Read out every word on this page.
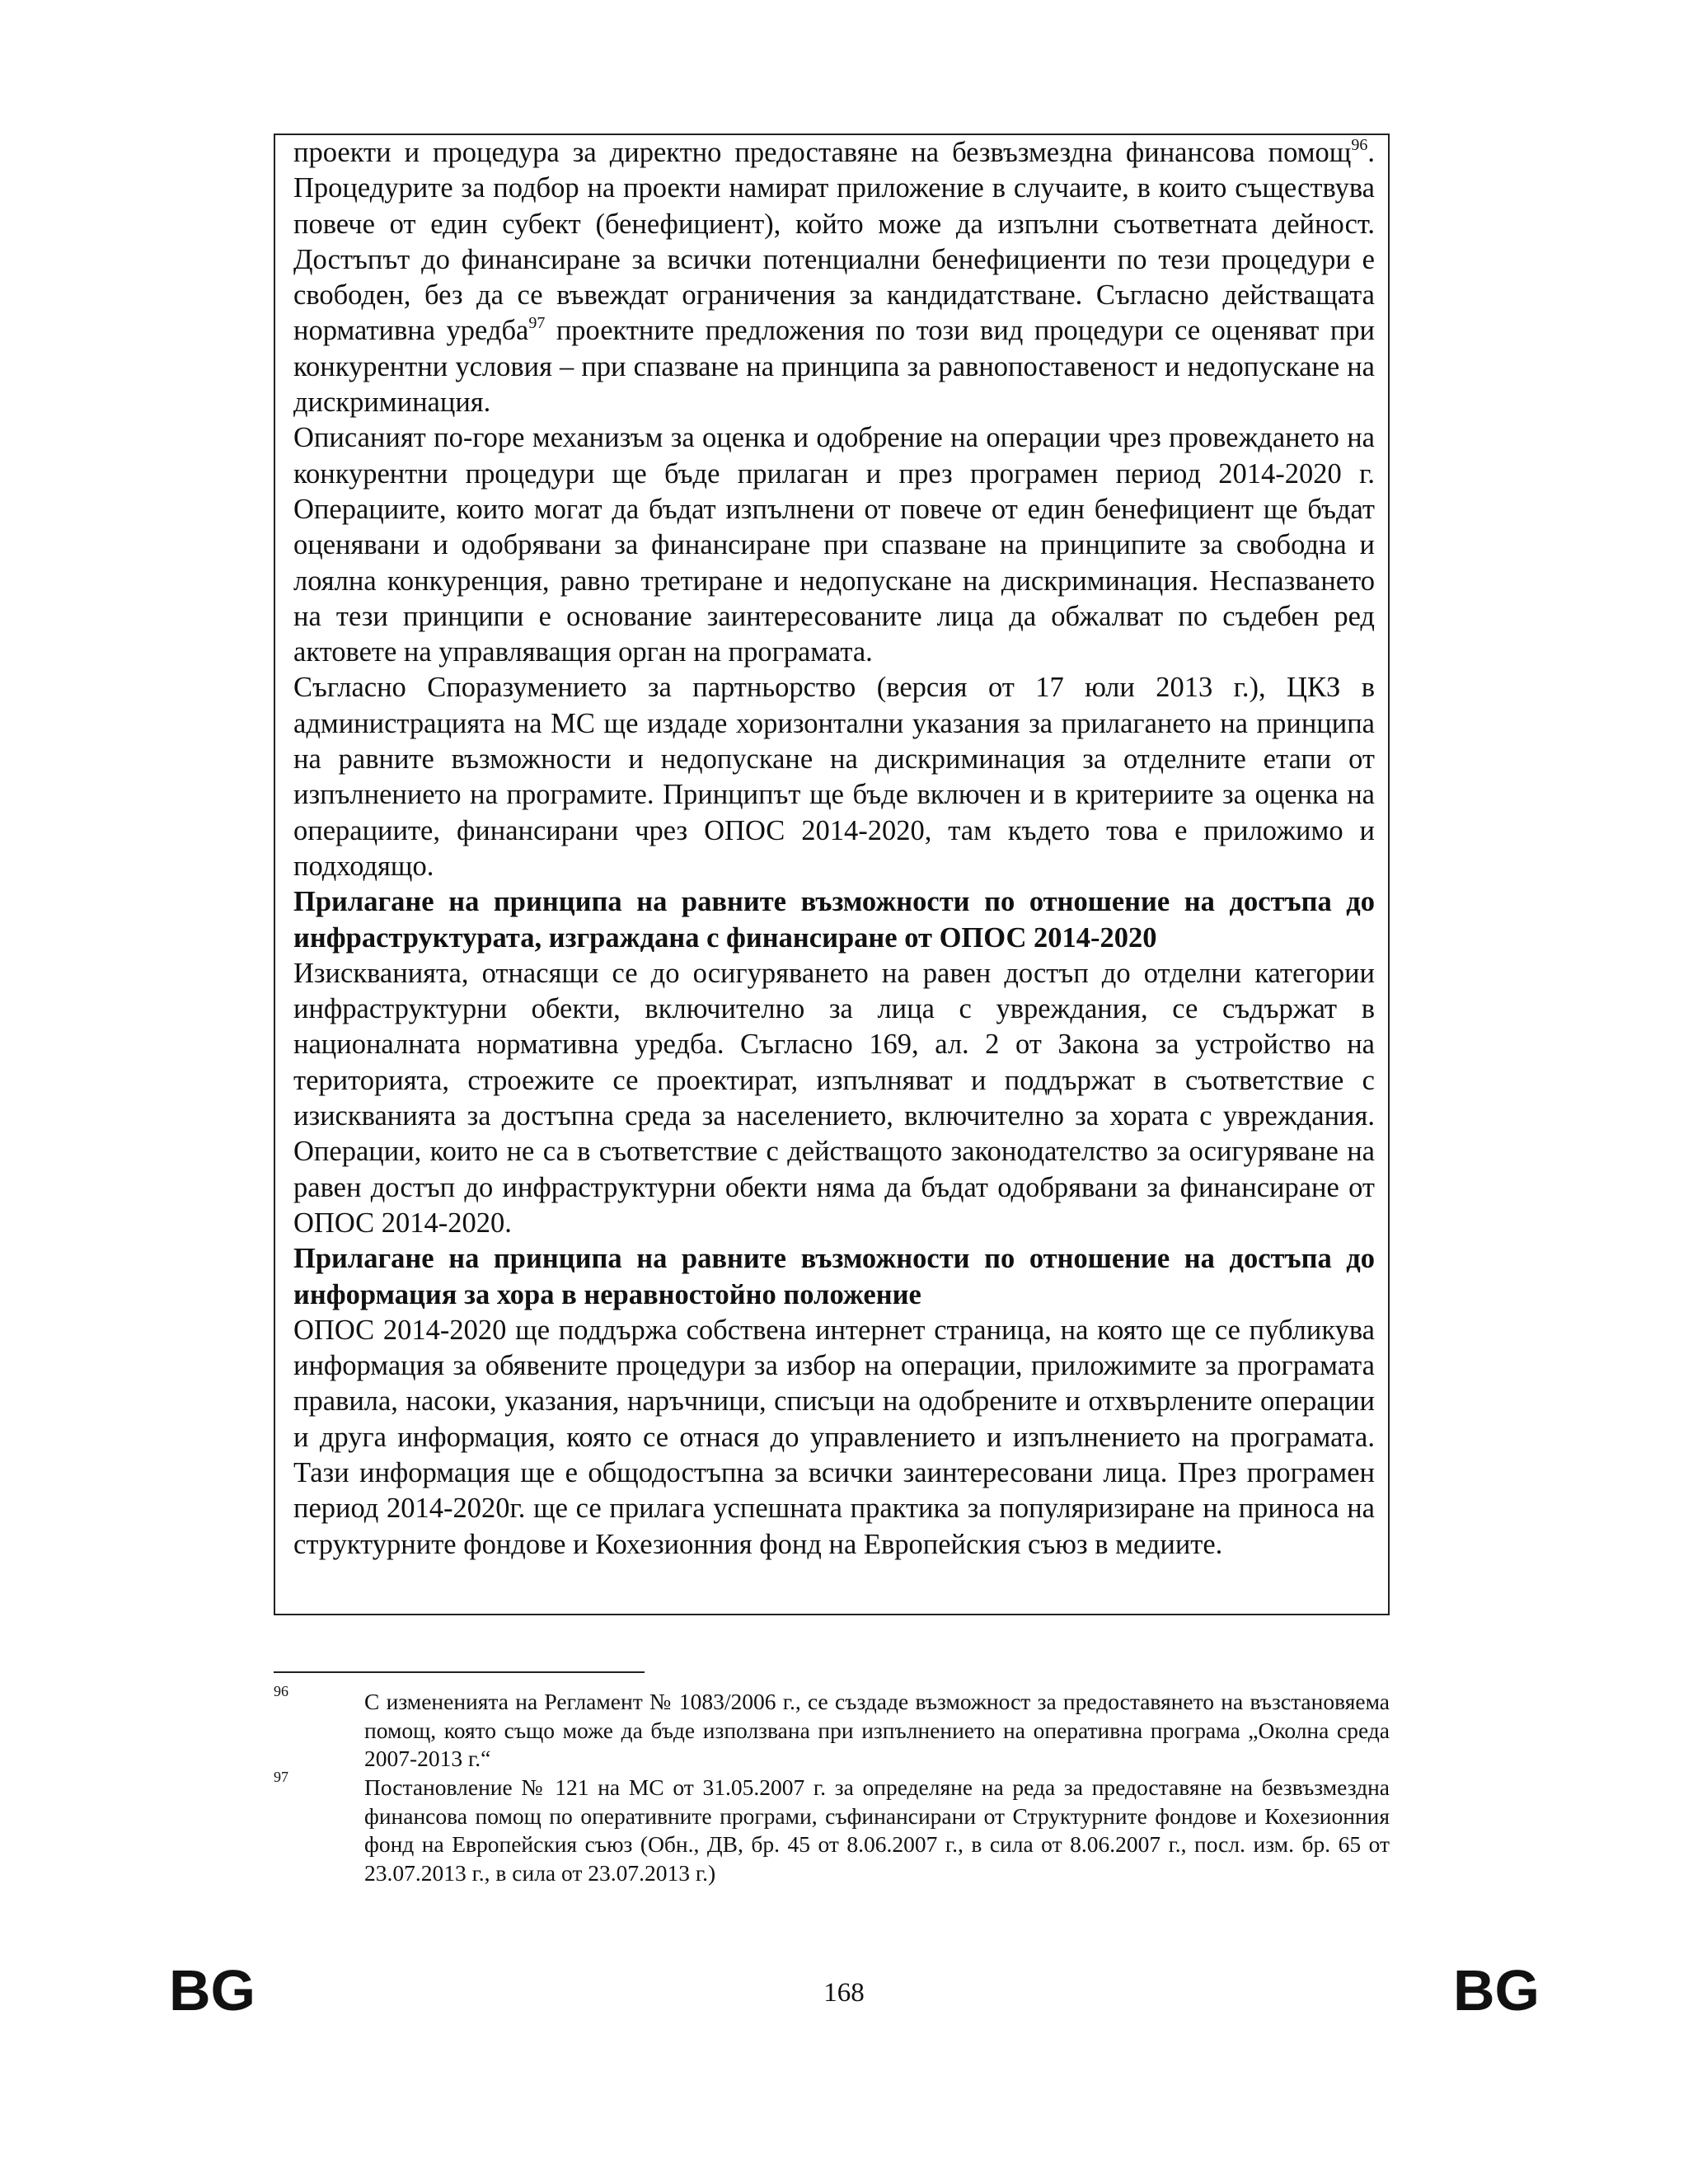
проекти и процедура за директно предоставяне на безвъзмездна финансова помощ$^{96}$. Процедурите за подбор на проекти намират приложение в случаите, в които съществува повече от един субект (бенефициент), който може да изпълни съответната дейност. Достъпът до финансиране за всички потенциални бенефициенти по тези процедури е свободен, без да се въвеждат ограничения за кандидатстване. Съгласно действащата нормативна уредба$^{97}$ проектните предложения по този вид процедури се оценяват при конкурентни условия – при спазване на принципа за равнопоставеност и недопускане на дискриминация.

Описаният по-горе механизъм за оценка и одобрение на операции чрез провеждането на конкурентни процедури ще бъде прилаган и през програмен период 2014-2020 г. Операциите, които могат да бъдат изпълнени от повече от един бенефициент ще бъдат оценявани и одобрявани за финансиране при спазване на принципите за свободна и лоялна конкуренция, равно третиране и недопускане на дискриминация. Неспазването на тези принципи е основание заинтересованите лица да обжалват по съдебен ред актовете на управляващия орган на програмата.

Съгласно Споразумението за партньорство (версия от 17 юли 2013 г.), ЦКЗ в администрацията на МС ще издаде хоризонтални указания за прилагането на принципа на равните възможности и недопускане на дискриминация за отделните етапи от изпълнението на програмите. Принципът ще бъде включен и в критериите за оценка на операциите, финансирани чрез ОПОС 2014-2020, там където това е приложимо и подходящо.

Прилагане на принципа на равните възможности по отношение на достъпа до инфраструктурата, изграждана с финансиране от ОПОС 2014-2020

Изискванията, отнасящи се до осигуряването на равен достъп до отделни категории инфраструктурни обекти, включително за лица с увреждания, се съдържат в националната нормативна уредба. Съгласно 169, ал. 2 от Закона за устройство на територията, строежите се проектират, изпълняват и поддържат в съответствие с изискванията за достъпна среда за населението, включително за хората с увреждания. Операции, които не са в съответствие с действащото законодателство за осигуряване на равен достъп до инфраструктурни обекти няма да бъдат одобрявани за финансиране от ОПОС 2014-2020.

Прилагане на принципа на равните възможности по отношение на достъпа до информация за хора в неравностойно положение

ОПОС 2014-2020 ще поддържа собствена интернет страница, на която ще се публикува информация за обявените процедури за избор на операции, приложимите за програмата правила, насоки, указания, наръчници, списъци на одобрените и отхвърлените операции и друга информация, която се отнася до управлението и изпълнението на програмата. Тази информация ще е общодостъпна за всички заинтересовани лица. През програмен период 2014-2020г. ще се прилага успешната практика за популяризиране на приноса на структурните фондове и Кохезионния фонд на Европейския съюз в медиите.

96	С измененията на Регламент № 1083/2006 г., се създаде възможност за предоставянето на възстановяема помощ, която също може да бъде използвана при изпълнението на оперативна програма „Околна среда 2007-2013 г.“

97	Постановление № 121 на МС от 31.05.2007 г. за определяне на реда за предоставяне на безвъзмездна финансова помощ по оперативните програми, съфинансирани от Структурните фондове и Кохезионния фонд на Европейския съюз (Обн., ДВ, бр. 45 от 8.06.2007 г., в сила от 8.06.2007 г., посл. изм. бр. 65 от 23.07.2013 г., в сила от 23.07.2013 г.)

BG	168	BG
